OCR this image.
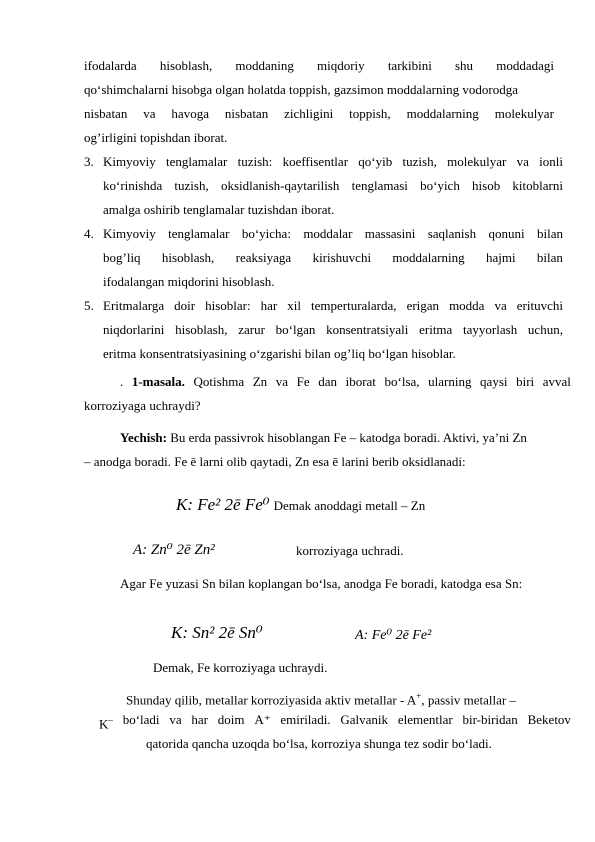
ifodalarda hisoblash, moddaning miqdoriy tarkibini shu moddadagi
qo‘shimchalarni hisobga olgan holatda toppish, gazsimon moddalarning vodorodga
nisbatan va havoga nisbatan zichligini toppish, moddalarning molekulyar
og’irligini topishdan iborat.
3. Kimyoviy tenglamalar tuzish: koeffisentlar qo‘yib tuzish, molekulyar va ionli
ko‘rinishda tuzish, oksidlanish-qaytarilish tenglamasi bo‘yich hisob kitoblarni
amalga oshirib tenglamalar tuzishdan iborat.
4. Kimyoviy tenglamalar bo‘yicha: moddalar massasini saqlanish qonuni bilan
bog’liq hisoblash, reaksiyaga kirishuvchi moddalarning hajmi bilan
ifodalangan miqdorini hisoblash.
5. Eritmalarga doir hisoblar: har xil temperturalarda, erigan modda va erituvchi
niqdorlarini hisoblash, zarur bo‘lgan konsentratsiyali eritma tayyorlash uchun,
eritma konsentratsiyasining o‘zgarishi bilan og’liq bo‘lgan hisoblar.
. 1-masala. Qotishma Zn va Fe dan iborat bo‘lsa, ularning qaysi biri avval
korroziyaga uchraydi?
Yechish: Bu erda passivrok hisoblangan Fe – katodga boradi. Aktivi, ya’ni Zn
– anodga boradi. Fe ē larni olib qaytadi, Zn esa ē larini berib oksidlanadi:
K: Fe² 2ē Fe⁰ Demak anoddagi metall – Zn
A: Zn⁰ 2ē Zn²	korroziyaga uchradi.
Agar Fe yuzasi Sn bilan koplangan bo‘lsa, anodga Fe boradi, katodga esa Sn:
K: Sn² 2ē Sn⁰	A: Fe⁰ 2ē Fe²
Demak, Fe korroziyaga uchraydi.
Shunday qilib, metallar korroziyasida aktiv metallar - A+, passiv metallar –
K– bo‘ladi va har doim A⁺ emiriladi. Galvanik elementlar bir-biridan Beketov
qatorida qancha uzoqda bo‘lsa, korroziya shunga tez sodir bo‘ladi.
